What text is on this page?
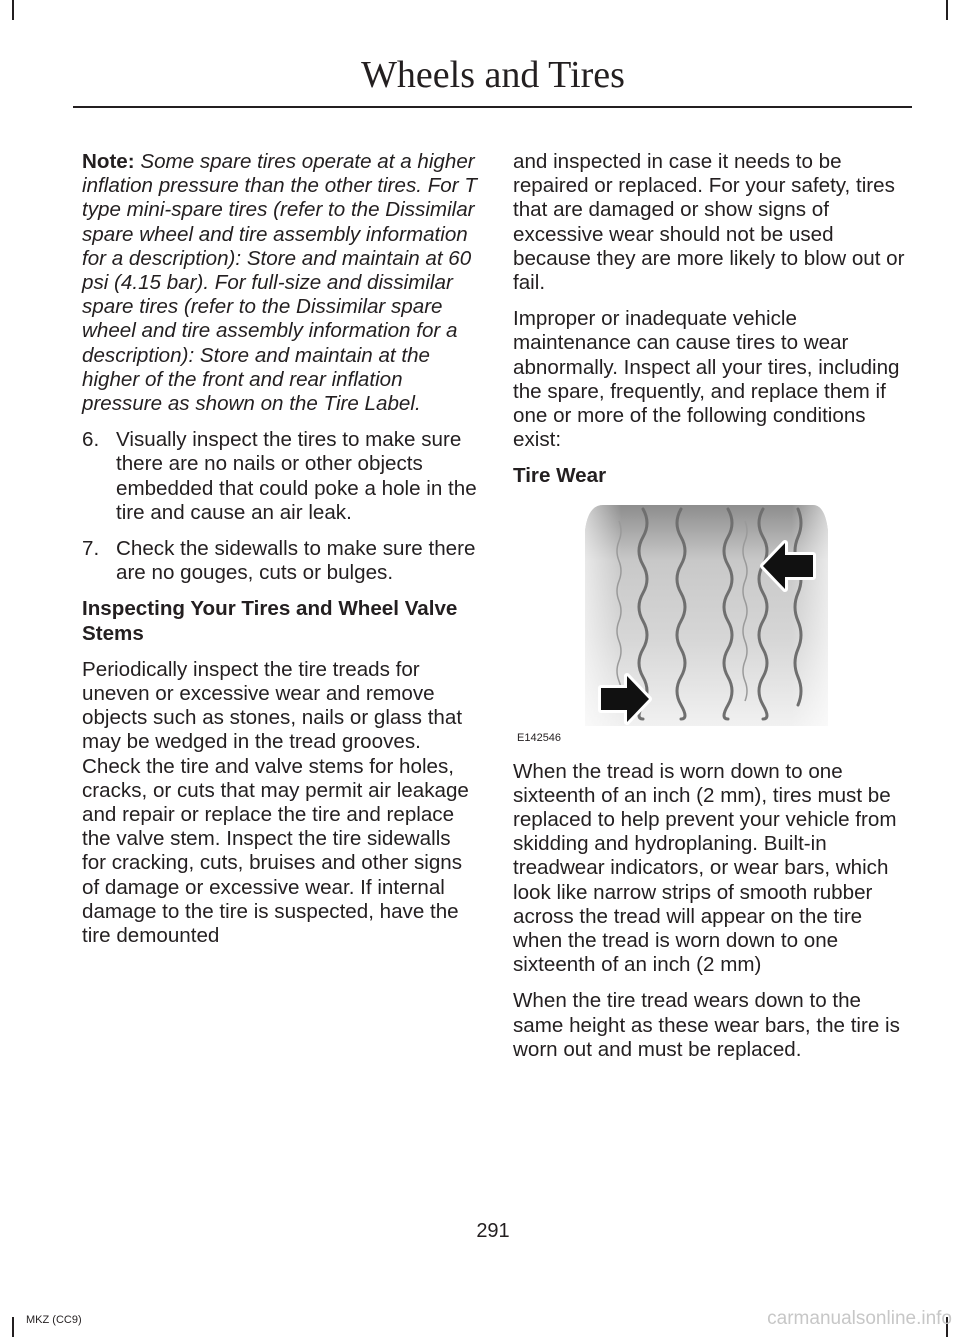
Wheels and Tires

Note: Some spare tires operate at a higher inflation pressure than the other tires. For T type mini-spare tires (refer to the Dissimilar spare wheel and tire assembly information for a description): Store and maintain at 60 psi (4.15 bar). For full-size and dissimilar spare tires (refer to the Dissimilar spare wheel and tire assembly information for a description): Store and maintain at the higher of the front and rear inflation pressure as shown on the Tire Label.

6. Visually inspect the tires to make sure there are no nails or other objects embedded that could poke a hole in the tire and cause an air leak.
7. Check the sidewalls to make sure there are no gouges, cuts or bulges.
Inspecting Your Tires and Wheel Valve Stems

Periodically inspect the tire treads for uneven or excessive wear and remove objects such as stones, nails or glass that may be wedged in the tread grooves. Check the tire and valve stems for holes, cracks, or cuts that may permit air leakage and repair or replace the tire and replace the valve stem. Inspect the tire sidewalls for cracking, cuts, bruises and other signs of damage or excessive wear. If internal damage to the tire is suspected, have the tire demounted

and inspected in case it needs to be repaired or replaced. For your safety, tires that are damaged or show signs of excessive wear should not be used because they are more likely to blow out or fail.

Improper or inadequate vehicle maintenance can cause tires to wear abnormally. Inspect all your tires, including the spare, frequently, and replace them if one or more of the following conditions exist:

Tire Wear
E142546

When the tread is worn down to one sixteenth of an inch (2 mm), tires must be replaced to help prevent your vehicle from skidding and hydroplaning. Built-in treadwear indicators, or wear bars, which look like narrow strips of smooth rubber across the tread will appear on the tire when the tread is worn down to one sixteenth of an inch (2 mm)

When the tire tread wears down to the same height as these wear bars, the tire is worn out and must be replaced.

291
MKZ (CC9)	carmanualsonline.info
